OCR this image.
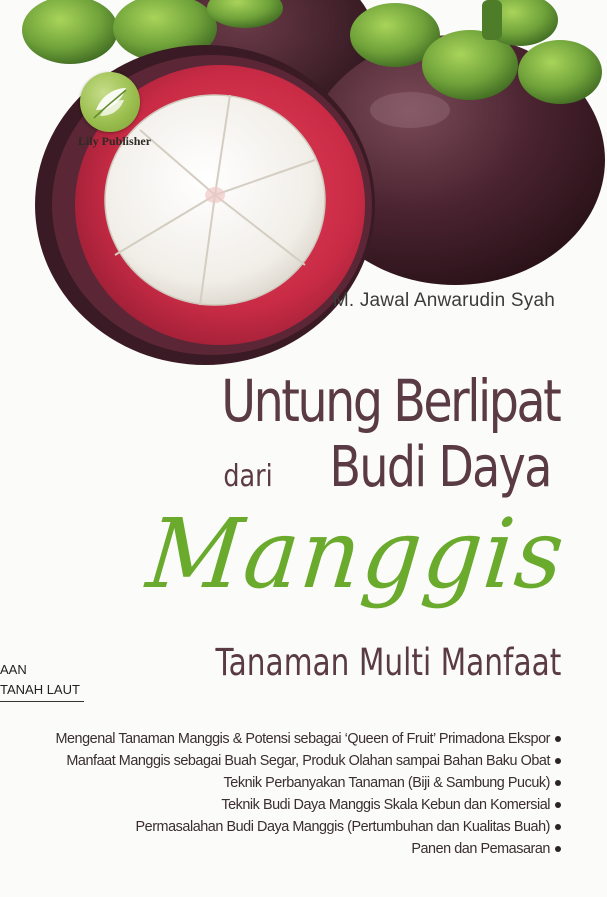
Lily Publisher
M. Jawal Anwarudin Syah
Untung Berlipat
dari Budi Daya
Manggis
Tanaman Multi Manfaat
AAN
TANAH LAUT
Mengenal Tanaman Manggis & Potensi sebagai ‘Queen of Fruit’ Primadona Ekspor
Manfaat Manggis sebagai Buah Segar, Produk Olahan sampai Bahan Baku Obat
Teknik Perbanyakan Tanaman (Biji & Sambung Pucuk)
Teknik Budi Daya Manggis Skala Kebun dan Komersial
Permasalahan Budi Daya Manggis (Pertumbuhan dan Kualitas Buah)
Panen dan Pemasaran
